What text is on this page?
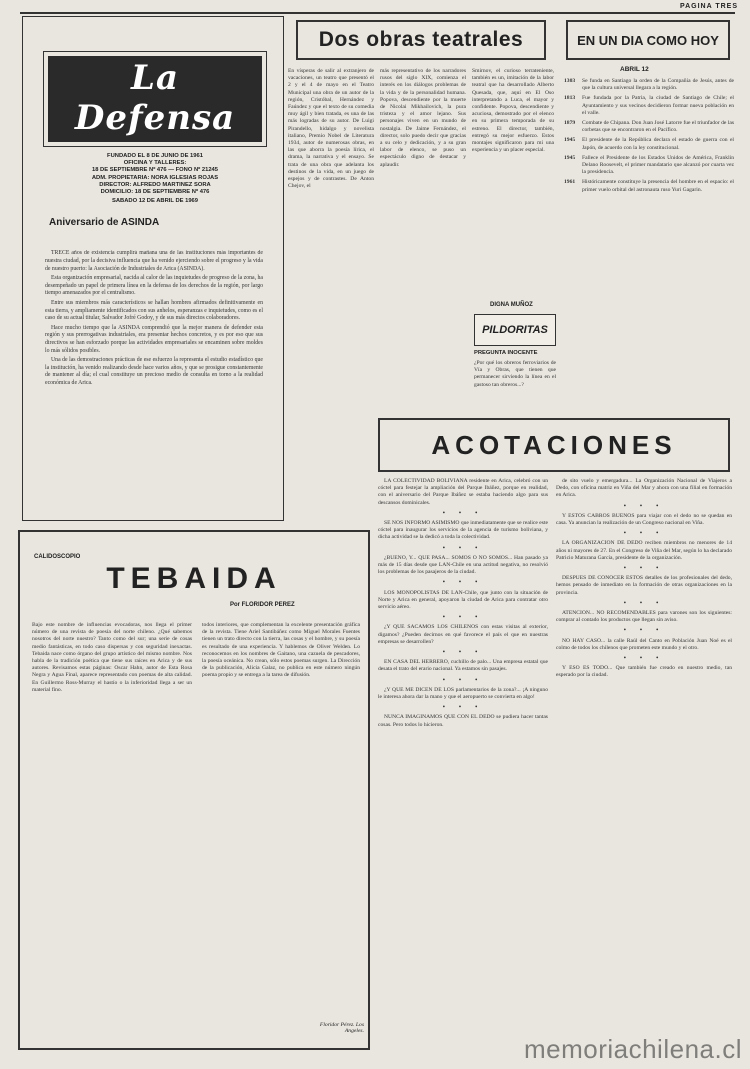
PAGINA TRES
La Defensa
FUNDADO EL 8 DE JUNIO DE 1961
OFICINA Y TALLERES:
18 DE SEPTIEMBRE Nº 476 — FONO Nº 21245
ADM. PROPIETARIA: NORA IGLESIAS ROJAS
DIRECTOR: ALFREDO MARTINEZ SORA
DOMICILIO: 18 DE SEPTIEMBRE Nº 476
SABADO 12 DE ABRIL DE 1969
Aniversario de ASINDA

TRECE años de existencia cumplirá mañana una de las instituciones más importantes de nuestra ciudad, por la decisiva influencia que ha venido ejerciendo sobre el progreso y la vida de nuestro puerto: la Asociación de Industriales de Arica (ASINDA).

Esta organización empresarial, nacida al calor de las inquietudes de progreso de la zona, ha desempeñado un papel de primera línea en la defensa de los derechos de la región, por largo tiempo amenazados por el centralismo.

Entre sus miembros más característicos se hallan hombres afirmados definitivamente en esta tierra, y ampliamente identificados con sus anhelos, esperanzas e inquietudes, como es el caso de su actual titular, Salvador Jofré Godoy, y de sus más directos colaboradores.

Hace mucho tiempo que la ASINDA comprendió que la mejor manera de defender esta región y sus prerrogativas industriales, era presentar hechos concretos, y es por eso que sus directivos se han esforzado porque las actividades empresariales se encaminen sobre moldes lo más sólidos posibles.

Una de las demostraciones prácticas de ese esfuerzo la representa el estudio estadístico que la institución, ha venido realizando desde hace varios años, y que se prosigue constantemente de mantener al día; el cual constituye un precioso medio de consulta en torno a la realidad económica de Arica.

Dos obras teatrales
En vísperas de salir al extranjero de vacaciones, un teatro que presentó el 2 y el 4 de mayo en el Teatro Municipal una obra de un autor de la región, Cristóbal, Hernández y Faúndez y que el texto de su comedia muy ágil y bien tratada, es una de las más logradas de su autor. De Luigi Pirandello, hidalgo y novelista italiano, Premio Nobel de Literatura 1934, autor de numerosas obras, en las que aborra la poesía lírica, el drama, la narrativa y el ensayo. Se trata de una obra que adelanta los destinos de la vida, en un juego de espejos y de contrastes. De Anton Chejov, el
más representativo de los narradores rusos del siglo XIX, comienza el interés en los diálogos problemas de la vida y de la personalidad humana. Popova, descendiente por la muerte de Nicolai Mikhailovich, la pura tristeza y el amor lejano. Sus personajes viven en un mundo de nostalgia. De Jaime Fernández, el director, solo puedo decir que gracias a su celo y dedicación, y a su gran labor de elenco, se puso un espectáculo digno de destacar y aplaudir.
Smirnov, el curioso terrateniente, también es un, imitación de la labor teatral que ha desarrollado Alberto Quesada, que, aquí en El Oso interpretando a Luca, el mayor y confidente. Popova, descendiente y acuciosa, demostrado por el elenco en su primera temporada de su estreno. El director, también, entregó su mejor esfuerzo. Estos montajes significaron para mí una experiencia y un placer especial.
DIGNA MUÑOZ
PILDORITAS
PREGUNTA INOCENTE
¿Por qué los obreros ferroviarios de Vía y Obras, que tienen que permanecer sirviendo la línea en el gastoso tan obreros...?
EN UN DIA COMO HOY
ABRIL 12
1303	Se funda en Santiago la orden de la Compañía de Jesús, antes de que la cultura universal llegara a la región.
1813	Fue fundada por la Patria, la ciudad de Santiago de Chile; el Ayuntamiento y sus vecinos decidieron formar nueva población en el valle.
1879	Combate de Chipana. Don Juan José Latorre fue el triunfador de las corbetas que se encontraron en el Pacífico.
1945	El presidente de la República declara el estado de guerra con el Japón, de acuerdo con la ley constitucional.
1945	Fallece el Presidente de los Estados Unidos de América, Franklin Delano Roosevelt, el primer mandatario que alcanzó por cuarta vez la presidencia.
1961	Históricamente constituye la presencia del hombre en el espacio: el primer vuelo orbital del astronauta ruso Yuri Gagarin.
ACOTACIONES

LA COLECTIVIDAD BOLIVIANA residente en Arica, celebró con un cóctel para festejar la ampliación del Parque Ibáñez, porque en realidad, con el aniversario del Parque Ibáñez se estaba haciendo algo para sus descansos dominicales.

• • •

SE NOS INFORMO ASIMISMO que inmediatamente que se realice este cóctel para inaugurar los servicios de la agencia de turismo boliviana, y dicha actividad se la dedicó a toda la colectividad.

• • •

¿BUENO, Y... QUE PASA... SOMOS O NO SOMOS... Han pasado ya más de 15 días desde que LAN-Chile en una actitud negativa, no resolvió los problemas de los pasajeros de la ciudad.

• • •

LOS MONOPOLISTAS DE LAN-Chile, que junto con la situación de Norte y Arica en general, apoyaron la ciudad de Arica para contratar otro servicio aéreo.

• • •

¿Y QUE SACAMOS LOS CHILENOS con estas visitas al exterior, digamos? ¿Pueden decirnos en qué favorece el país el que en nuestras empresas se desarrollen?

• • •

EN CASA DEL HERRERO, cuchillo de palo... Una empresa estatal que desata el trato del erario nacional. Ya estamos sin pasajes.

• • •

¿Y QUE ME DICEN DE LOS parlamentarios de la zona?... ¡A ninguno le interesa ahora dar la mano y que el aeropuerto se convierta en algo!

• • •

NUNCA IMAGINAMOS QUE CON EL DEDO se pudiera hacer tantas cosas. Pero todos lo hicieron.

de sito vuelo y emergadura... La Organización Nacional de Viajeros a Dedo, con oficina matriz en Viña del Mar y ahora con una filial en formación en Arica.

• • •

Y ESTOS CABROS BUENOS para viajar con el dedo no se quedan en casa. Ya anuncian la realización de un Congreso nacional en Viña.

• • •

LA ORGANIZACION DE DEDO reciben miembros no menores de 14 años ni mayores de 27. En el Congreso de Viña del Mar, según lo ha declarado Patricio Maturana García, presidente de la organización.

• • •

DESPUES DE CONOCER ESTOS detalles de los profesionales del dedo, hemos pensado de inmediato en la formación de otras organizaciones en la provincia.

• • •

ATENCION... NO RECOMENDABLES para varones son los siguientes: comprar al contado los productos que llegan sin aviso.

• • •

NO HAY CASO... la calle Raúl del Canto en Población Juan Noé es el colmo de todos los chilenos que prometen este mundo y el otro.

• • •

Y ESO ES TODO... Que también fue creado en nuestro medio, tan esperado por la ciudad.

CALIDOSCOPIO
TEBAIDA
Por FLORIDOR PEREZ
Bajo este nombre de influencias evocadoras, nos llega el primer número de una revista de poesía del norte chileno. ¿Qué sabemos nosotros del norte nuestro? Tanto como del sur; una serie de cosas medio fantásticas, en todo caso dispersas y con seguridad inexactas. Tebaida nace como órgano del grupo artístico del mismo nombre. Nos habla de la tradición poética que tiene sus raíces en Arica y de sus autores. Revisamos estas páginas: Oscar Hahn, autor de Esta Rosa Negra y Agua Final, aparece representado con poemas de alta calidad. En Guillermo Ross-Murray el hastío o la inferioridad llega a ser un material fino.
todos interiores, que complementan la excelente presentación gráfica de la revista. Tiene Ariel Santibáñez como Miguel Morales Fuentes tienen un trato directo con la tierra, las cosas y el hombre, y su poesía es resultado de una experiencia. Y hablemos de Oliver Welden. Lo reconocemos en los nombres de Gaitano, una cazuela de pescadores, la poesía oceánica. No crean, sólo estos poemas surgen. La Dirección de la publicación, Alicia Galaz, no publica en este número ningún poema propio y se entrega a la tarea de difusión.
Floridor Pérez. Los Angeles.
memoriachilena.cl
